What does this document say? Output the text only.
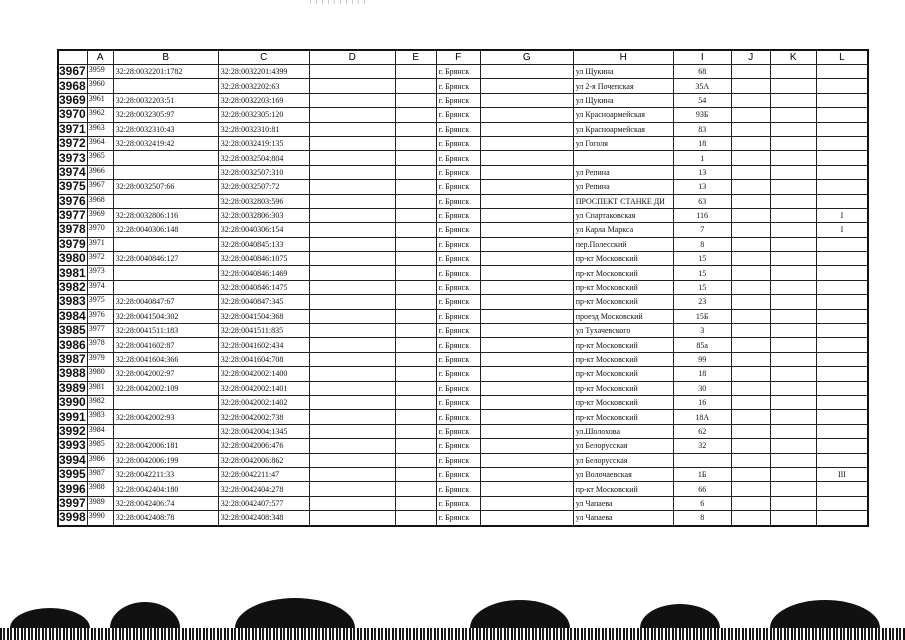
	A	B	C	D	E	F	G	H	I	J	K	L
3967	3959	32:28:0032201:1782	32:28:0032201:4399			г. Брянск		ул Щукина	68			
3968	3960		32:28:0032202:63			г. Брянск		ул 2-я Почепская	35А			
3969	3961	32:28:0032203:51	32:28:0032203:169			г. Брянск		ул Щукина	54			
3970	3962	32:28:0032305:97	32:28:0032305:120			г. Брянск		ул Красноармейская	93Б			
3971	3963	32:28:0032310:43	32:28:0032310:81			г. Брянск		ул Красноармейская	83			
3972	3964	32:28:0032419:42	32:28:0032419:135			г. Брянск		ул Гоголя	18			
3973	3965		32:28:0032504:804			г. Брянск			1			
3974	3966		32:28:0032507:310			г. Брянск		ул Репина	13			
3975	3967	32:28:0032507:66	32:28:0032507:72			г. Брянск		ул Репина	13			
3976	3968		32:28:0032803:596			г. Брянск		ПРОСПЕКТ СТАНКЕ ДИ	63			
3977	3969	32:28:0032806:116	32:28:0032806:303			г. Брянск		ул Спартаковская	116			I
3978	3970	32:28:0040306:148	32:28:0040306:154			г. Брянск		ул Карла Маркса	7			I
3979	3971		32:28:0040845:133			г. Брянск		пер.Полесский	8			
3980	3972	32:28:0040846:127	32:28:0040846:1075			г. Брянск		пр-кт Московский	15			
3981	3973		32:28:0040846:1469			г. Брянск		пр-кт Московский	15			
3982	3974		32:28:0040846:1475			г. Брянск		пр-кт Московский	15			
3983	3975	32:28:0040847:67	32:28:0040847:345			г. Брянск		пр-кт Московский	23			
3984	3976	32:28:0041504:302	32:28:0041504:368			г. Брянск		проезд Московский	15Б			
3985	3977	32:28:0041511:183	32:28:0041511:835			г. Брянск		ул Тухачевского	3			
3986	3978	32:28:0041602:87	32:28:0041602:434			г. Брянск		пр-кт Московский	85а			
3987	3979	32:28:0041604:366	32:28:0041604:708			г. Брянск		пр-кт Московский	99			
3988	3980	32:28:0042002:97	32:28:0042002:1400			г. Брянск		пр-кт Московский	18			
3989	3981	32:28:0042002:109	32:28:0042002:1401			г. Брянск		пр-кт Московский	30			
3990	3982		32:28:0042002:1402			г. Брянск		пр-кт Московский	16			
3991	3983	32:28:0042002:93	32:28:0042002:738			г. Брянск		пр-кт Московский	18А			
3992	3984		32:28:0042004:1345			г. Брянск		ул.Шолохова	62			
3993	3985	32:28:0042006:181	32:28:0042006:476			г. Брянск		ул Белорусская	32			
3994	3986	32:28:0042006:199	32:28:0042006:862			г. Брянск		ул Белорусская				
3995	3987	32:28:0042211:33	32:28:0042211:47			г. Брянск		ул Волочаевская	1Б			III
3996	3988	32:28:0042404:180	32:28:0042404:278			г. Брянск		пр-кт Московский	66			
3997	3989	32:28:0042406:74	32:28:0042407:577			г. Брянск		ул Чапаева	6			
3998	3990	32:28:0042408:78	32:28:0042408:348			г. Брянск		ул Чапаева	8			
